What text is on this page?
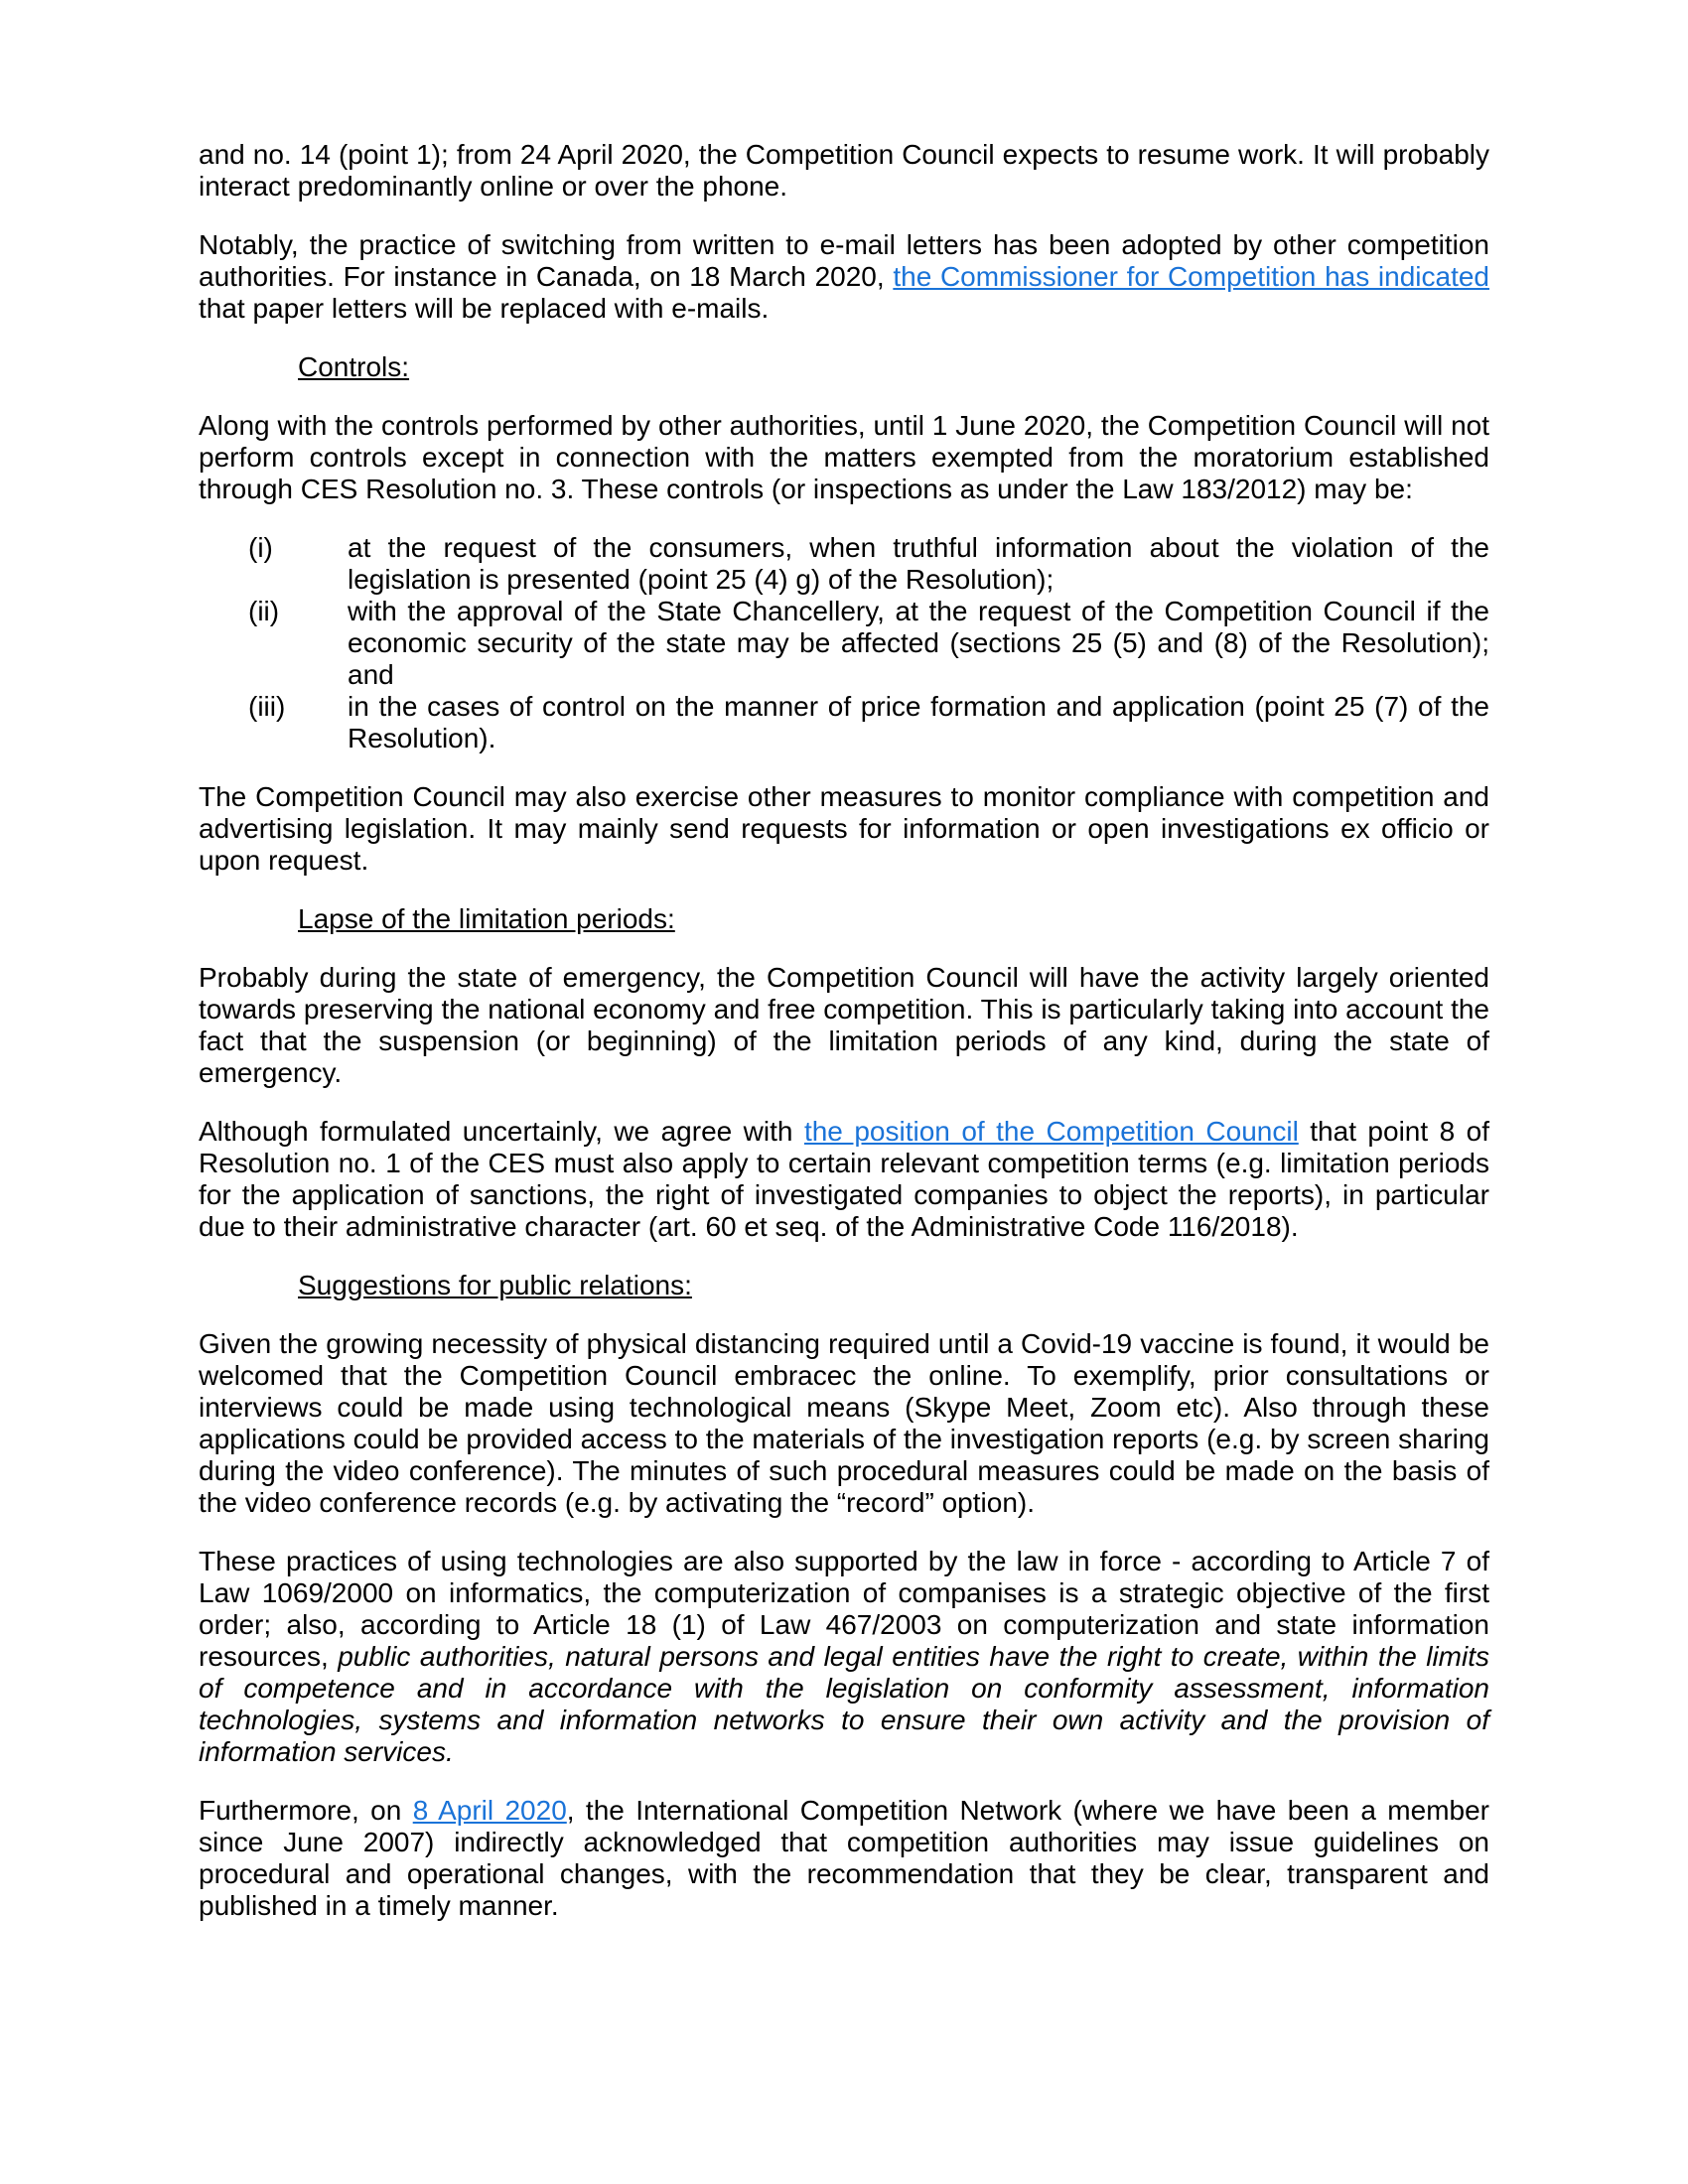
and no. 14 (point 1); from 24 April 2020, the Competition Council expects to resume work. It will probably interact predominantly online or over the phone.

Notably, the practice of switching from written to e-mail letters has been adopted by other competition authorities. For instance in Canada, on 18 March 2020, the Commissioner for Competition has indicated that paper letters will be replaced with e-mails.

Controls:

Along with the controls performed by other authorities, until 1 June 2020, the Competition Council will not perform controls except in connection with the matters exempted from the moratorium established through CES Resolution no. 3. These controls (or inspections as under the Law 183/2012) may be:

(i)	at the request of the consumers, when truthful information about the violation of the legislation is presented (point 25 (4) g) of the Resolution);
(ii) with the approval of the State Chancellery, at the request of the Competition Council if the economic security of the state may be affected (sections 25 (5) and (8) of the Resolution); and
(iii) in the cases of control on the manner of price formation and application (point 25 (7) of the Resolution).

The Competition Council may also exercise other measures to monitor compliance with competition and advertising legislation. It may mainly send requests for information or open investigations ex officio or upon request.

Lapse of the limitation periods:

Probably during the state of emergency, the Competition Council will have the activity largely oriented towards preserving the national economy and free competition. This is particularly taking into account the fact that the suspension (or beginning) of the limitation periods of any kind, during the state of emergency.

Although formulated uncertainly, we agree with the position of the Competition Council that point 8 of Resolution no. 1 of the CES must also apply to certain relevant competition terms (e.g. limitation periods for the application of sanctions, the right of investigated companies to object the reports), in particular due to their administrative character (art. 60 et seq. of the Administrative Code 116/2018).

Suggestions for public relations:

Given the growing necessity of physical distancing required until a Covid-19 vaccine is found, it would be welcomed that the Competition Council embracec the online. To exemplify, prior consultations or interviews could be made using technological means (Skype Meet, Zoom etc). Also through these applications could be provided access to the materials of the investigation reports (e.g. by screen sharing during the video conference). The minutes of such procedural measures could be made on the basis of the video conference records (e.g. by activating the “record” option).

These practices of using technologies are also supported by the law in force - according to Article 7 of Law 1069/2000 on informatics, the computerization of companises is a strategic objective of the first order; also, according to Article 18 (1) of Law 467/2003 on computerization and state information resources, public authorities, natural persons and legal entities have the right to create, within the limits of competence and in accordance with the legislation on conformity assessment, information technologies, systems and information networks to ensure their own activity and the provision of information services.

Furthermore, on 8 April 2020, the International Competition Network (where we have been a member since June 2007) indirectly acknowledged that competition authorities may issue guidelines on procedural and operational changes, with the recommendation that they be clear, transparent and published in a timely manner.
